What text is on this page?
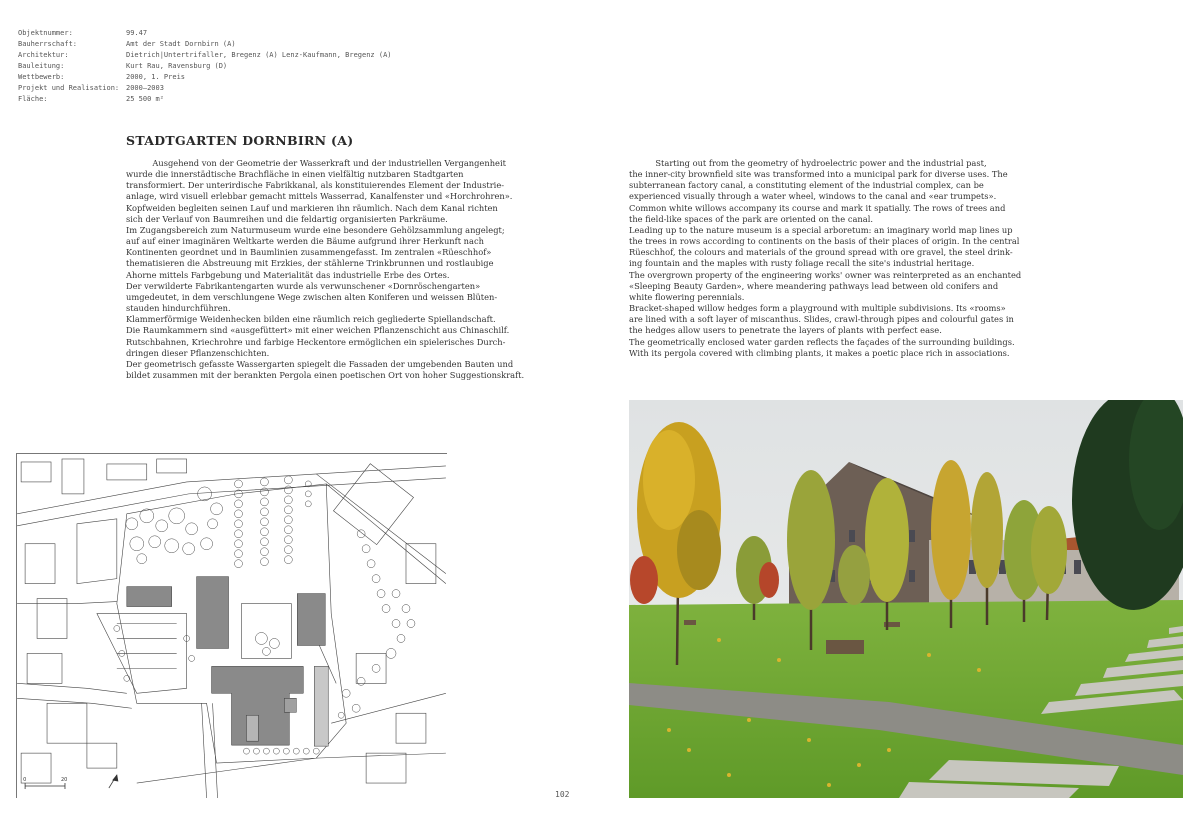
Objektnummer:	99.47
Bauherrschaft:	Amt der Stadt Dornbirn (A)
Architektur:	Dietrich|Untertrifaller, Bregenz (A) Lenz-Kaufmann, Bregenz (A)
Bauleitung:	Kurt Rau, Ravensburg (D)
Wettbewerb:	2000, 1. Preis
Projekt und Realisation: 2000–2003
Fläche:	25 500 m²
STADTGARTEN DORNBIRN (A)
Ausgehend von der Geometrie der Wasserkraft und der industriellen Vergangenheit
wurde die innerstädtische Brachfläche in einen vielfältig nutzbaren Stadtgarten
transformiert. Der unterirdische Fabrikkanal, als konstituierendes Element der Industrie-
anlage, wird visuell erlebbar gemacht mittels Wasserrad, Kanalfenster und «Horchrohren».
Kopfweiden begleiten seinen Lauf und markieren ihn räumlich. Nach dem Kanal richten
sich der Verlauf von Baumreihen und die feldartig organisierten Parkräume.
Im Zugangsbereich zum Naturmuseum wurde eine besondere Gehölzsammlung angelegt;
auf auf einer imaginären Weltkarte werden die Bäume aufgrund ihrer Herkunft nach
Kontinenten geordnet und in Baumlinien zusammengefasst. Im zentralen «Rüeschhof»
thematisieren die Abstreuung mit Erzkies, der stählerne Trinkbrunnen und rostlaubige
Ahorne mittels Farbgebung und Materialität das industrielle Erbe des Ortes.
Der verwilderte Fabrikantengarten wurde als verwunschener «Dornröschengarten»
umgedeutet, in dem verschlungene Wege zwischen alten Koniferen und weissen Blüten-
stauden hindurchführen.
Klammerförmige Weidenhecken bilden eine räumlich reich gegliederte Spiellandschaft.
Die Raumkammern sind «ausgefüttert» mit einer weichen Pflanzenschicht aus Chinaschilf.
Rutschbahnen, Kriechrohre und farbige Heckentore ermöglichen ein spielerisches Durch-
dringen dieser Pflanzenschichten.
Der geometrisch gefasste Wassergarten spiegelt die Fassaden der umgebenden Bauten und
bildet zusammen mit der berankten Pergola einen poetischen Ort von hoher Suggestionskraft.
Starting out from the geometry of hydroelectric power and the industrial past,
the inner-city brownfield site was transformed into a municipal park for diverse uses. The
subterranean factory canal, a constituting element of the industrial complex, can be
experienced visually through a water wheel, windows to the canal and «ear trumpets».
Common white willows accompany its course and mark it spatially. The rows of trees and
the field-like spaces of the park are oriented on the canal.
Leading up to the nature museum is a special arboretum: an imaginary world map lines up
the trees in rows according to continents on the basis of their places of origin. In the central
Rüeschhof, the colours and materials of the ground spread with ore gravel, the steel drink-
ing fountain and the maples with rusty foliage recall the site's industrial heritage.
The overgrown property of the engineering works' owner was reinterpreted as an enchanted
«Sleeping Beauty Garden», where meandering pathways lead between old conifers and
white flowering perennials.
Bracket-shaped willow hedges form a playground with multiple subdivisions. Its «rooms»
are lined with a soft layer of miscanthus. Slides, crawl-through pipes and colourful gates in
the hedges allow users to penetrate the layers of plants with perfect ease.
The geometrically enclosed water garden reflects the façades of the surrounding buildings.
With its pergola covered with climbing plants, it makes a poetic place rich in associations.
0	20
102
